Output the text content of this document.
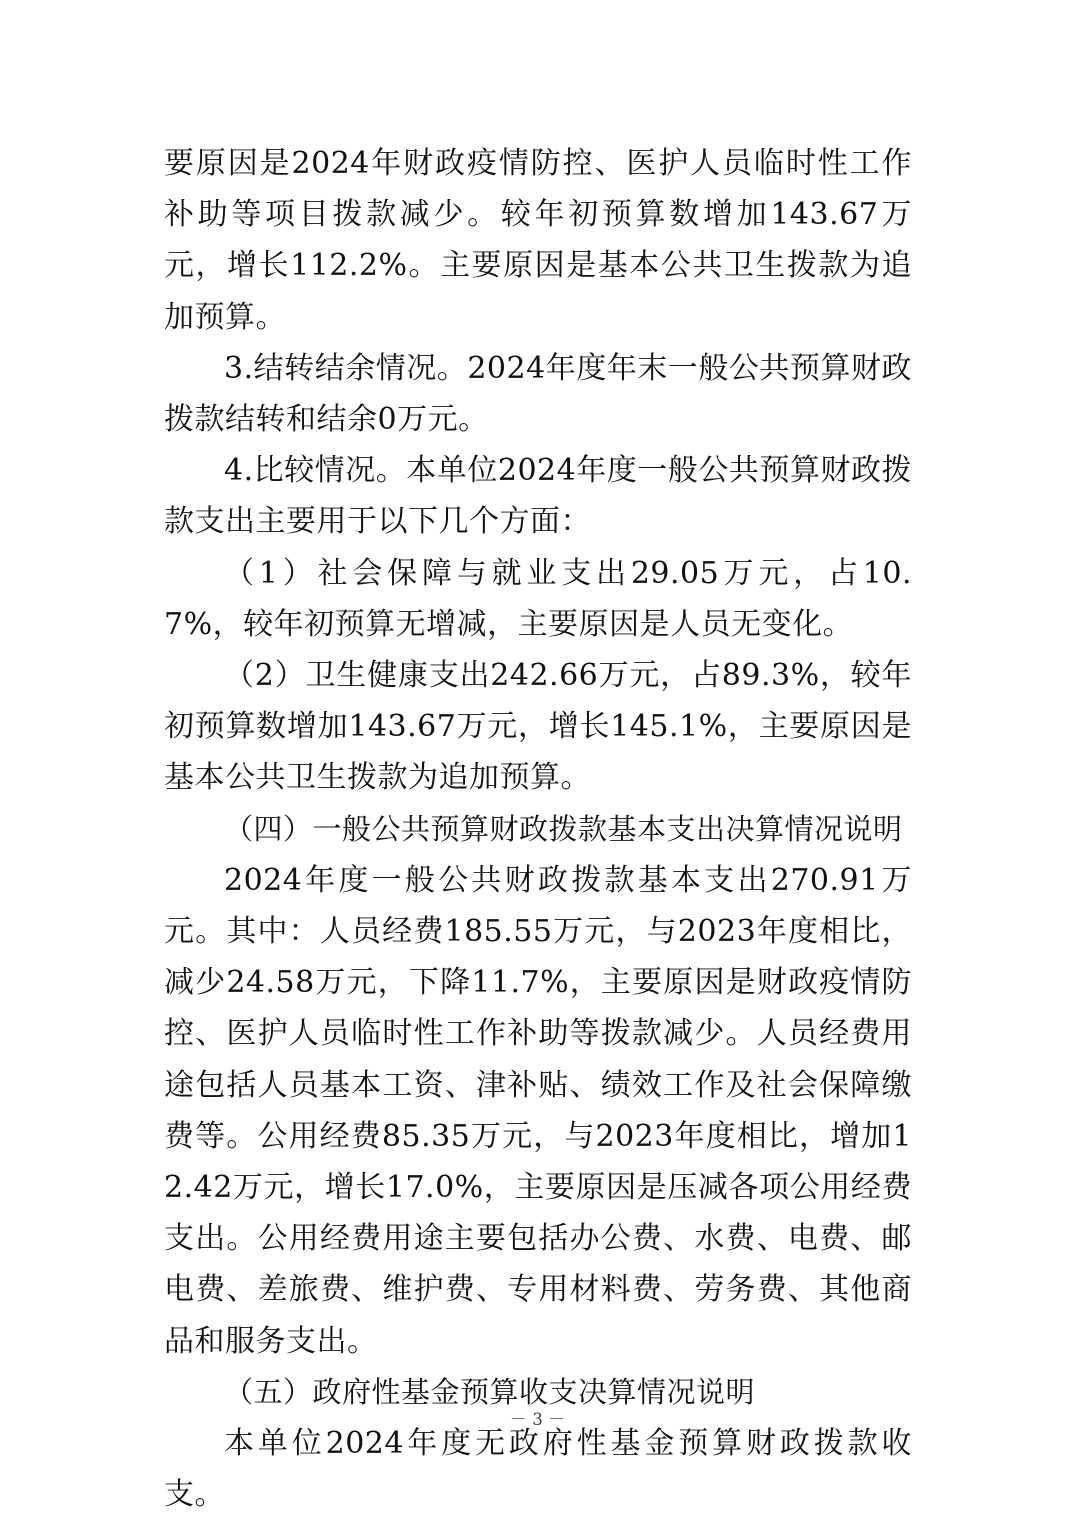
要原因是2024年财政疫情防控、医护人员临时性工作补助等项目拨款减少。较年初预算数增加143.67万元，增长112.2%。主要原因是基本公共卫生拨款为追加预算。

3.结转结余情况。2024年度年末一般公共预算财政拨款结转和结余0万元。

4.比较情况。本单位2024年度一般公共预算财政拨款支出主要用于以下几个方面：

（1）社会保障与就业支出29.05万元，占10.7%，较年初预算无增减，主要原因是人员无变化。

（2）卫生健康支出242.66万元，占89.3%，较年初预算数增加143.67万元，增长145.1%，主要原因是基本公共卫生拨款为追加预算。

（四）一般公共预算财政拨款基本支出决算情况说明

2024年度一般公共财政拨款基本支出270.91万元。其中：人员经费185.55万元，与2023年度相比，减少24.58万元，下降11.7%，主要原因是财政疫情防控、医护人员临时性工作补助等拨款减少。人员经费用途包括人员基本工资、津补贴、绩效工作及社会保障缴费等。公用经费85.35万元，与2023年度相比，增加12.42万元，增长17.0%，主要原因是压减各项公用经费支出。公用经费用途主要包括办公费、水费、电费、邮电费、差旅费、维护费、专用材料费、劳务费、其他商品和服务支出。

（五）政府性基金预算收支决算情况说明

本单位2024年度无政府性基金预算财政拨款收支。

－ 3 －
